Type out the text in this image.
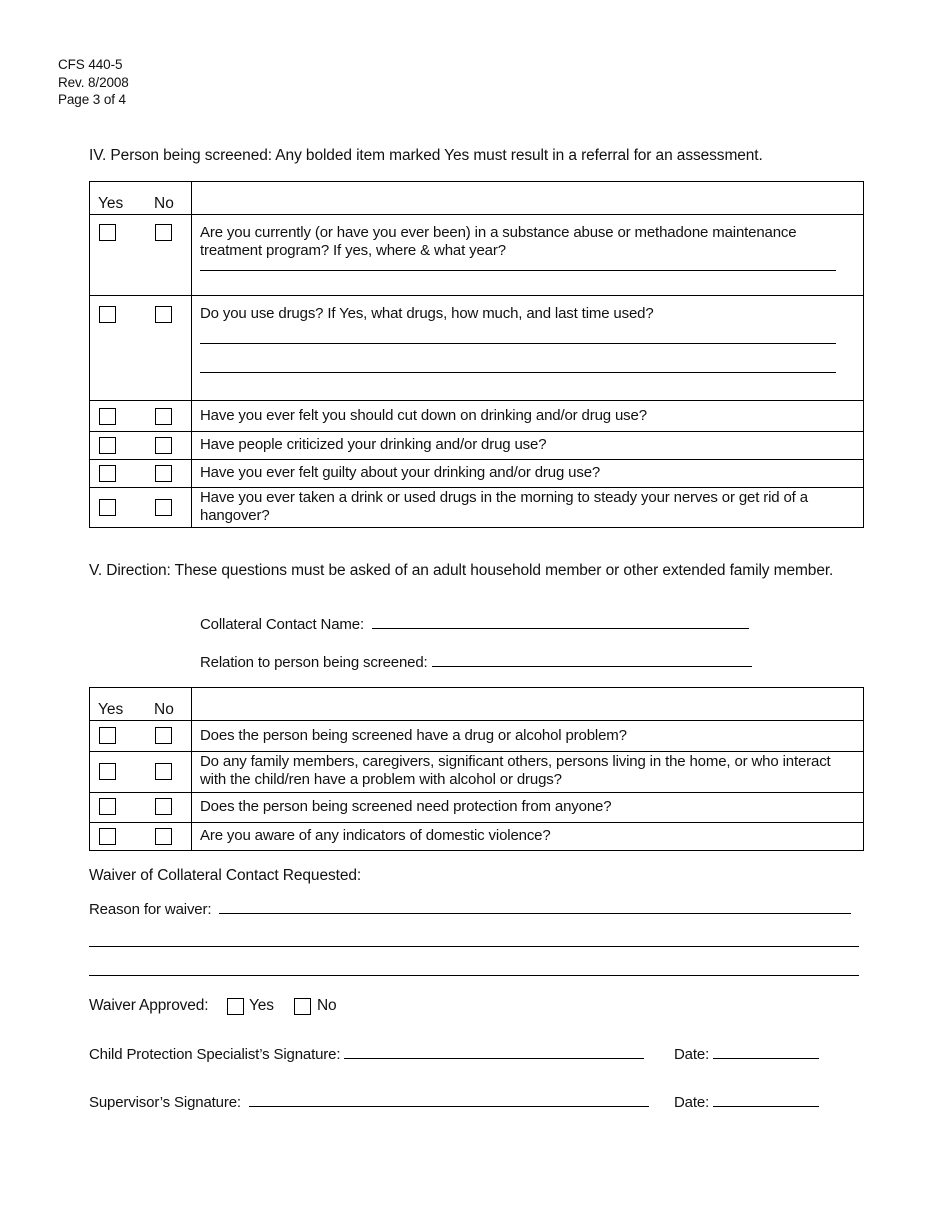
CFS 440-5
Rev. 8/2008
Page 3 of 4
IV. Person being screened: Any bolded item marked Yes must result in a referral for an assessment.
Yes No	

	Are you currently (or have you ever been) in a substance abuse or methadone maintenance treatment program? If yes, where & what year?

	Do you use drugs? If Yes, what drugs, how much, and last time used?

	Have you ever felt you should cut down on drinking and/or drug use?

	Have people criticized your drinking and/or drug use?

	Have you ever felt guilty about your drinking and/or drug use?

	Have you ever taken a drink or used drugs in the morning to steady your nerves or get rid of a hangover?
V. Direction: These questions must be asked of an adult household member or other extended family member.
Collateral Contact Name:
Relation to person being screened:
Yes No	

	Does the person being screened have a drug or alcohol problem?

	Do any family members, caregivers, significant others, persons living in the home, or who interact with the child/ren have a problem with alcohol or drugs?

	Does the person being screened need protection from anyone?

	Are you aware of any indicators of domestic violence?
Waiver of Collateral Contact Requested:
Reason for waiver:
Waiver Approved:	Yes	No
Child Protection Specialist’s Signature:	Date:
Supervisor’s Signature:	Date:
